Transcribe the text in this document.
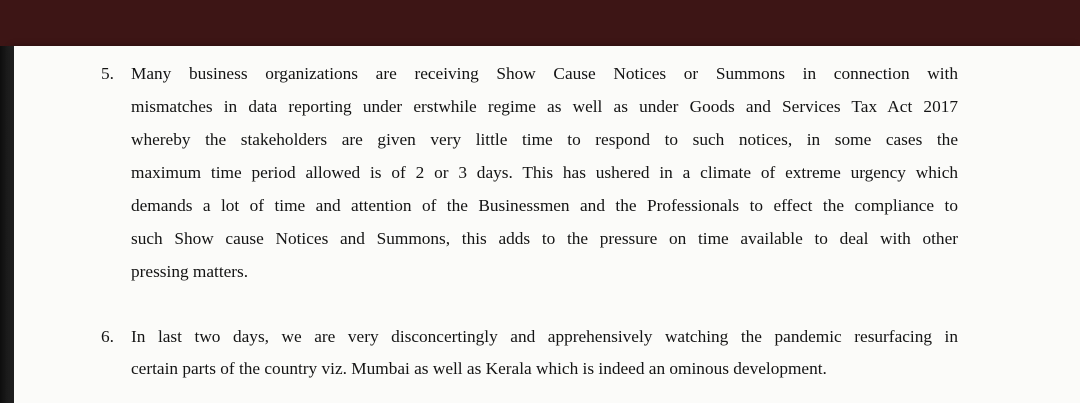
5. Many business organizations are receiving Show Cause Notices or Summons in connection with
mismatches in data reporting under erstwhile regime as well as under Goods and Services Tax Act 2017
whereby the stakeholders are given very little time to respond to such notices, in some cases the
maximum time period allowed is of 2 or 3 days. This has ushered in a climate of extreme urgency which
demands a lot of time and attention of the Businessmen and the Professionals to effect the compliance to
such Show cause Notices and Summons, this adds to the pressure on time available to deal with other
pressing matters.
6. In last two days, we are very disconcertingly and apprehensively watching the pandemic resurfacing in
certain parts of the country viz. Mumbai as well as Kerala which is indeed an ominous development.
